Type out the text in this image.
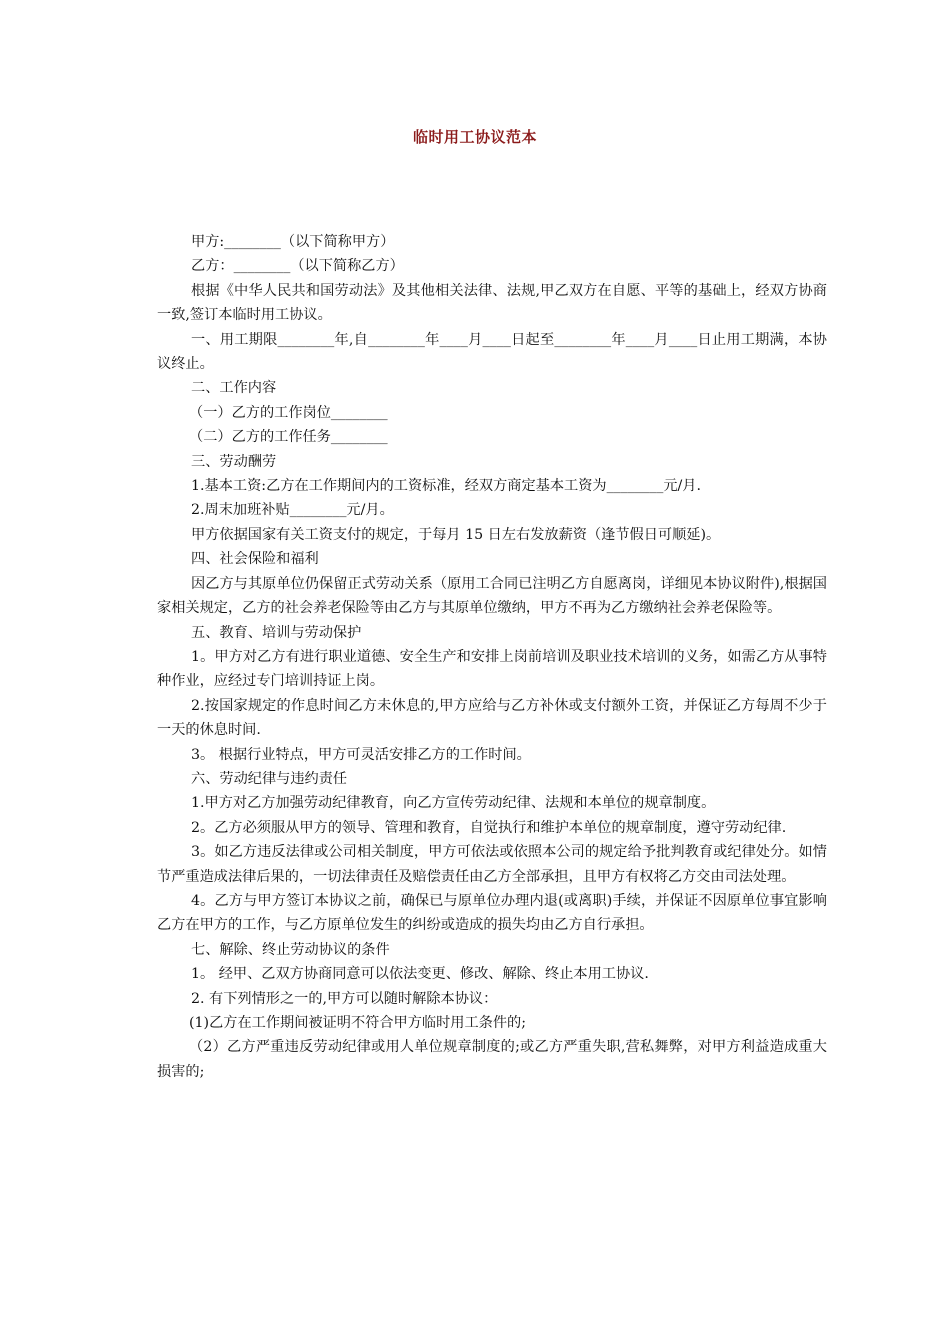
临时用工协议范本

甲方:________（以下简称甲方）

乙方：________（以下简称乙方）

根据《中华人民共和国劳动法》及其他相关法律、法规,甲乙双方在自愿、平等的基础上，经双方协商一致,签订本临时用工协议。

一、用工期限________年,自________年____月____日起至________年____月____日止用工期满，本协议终止。

二、工作内容

（一）乙方的工作岗位________

（二）乙方的工作任务________

三、劳动酬劳

1.基本工资:乙方在工作期间内的工资标准，经双方商定基本工资为________元/月.

2.周末加班补贴________元/月。

甲方依据国家有关工资支付的规定，于每月 15 日左右发放薪资（逢节假日可顺延)。

四、社会保险和福利

因乙方与其原单位仍保留正式劳动关系（原用工合同已注明乙方自愿离岗，详细见本协议附件),根据国家相关规定，乙方的社会养老保险等由乙方与其原单位缴纳，甲方不再为乙方缴纳社会养老保险等。

五、教育、培训与劳动保护

1。甲方对乙方有进行职业道德、安全生产和安排上岗前培训及职业技术培训的义务，如需乙方从事特种作业，应经过专门培训持证上岗。

2.按国家规定的作息时间乙方未休息的,甲方应给与乙方补休或支付额外工资，并保证乙方每周不少于一天的休息时间.

3。 根据行业特点，甲方可灵活安排乙方的工作时间。

六、劳动纪律与违约责任

1.甲方对乙方加强劳动纪律教育，向乙方宣传劳动纪律、法规和本单位的规章制度。

2。乙方必须服从甲方的领导、管理和教育，自觉执行和维护本单位的规章制度，遵守劳动纪律.

3。如乙方违反法律或公司相关制度，甲方可依法或依照本公司的规定给予批判教育或纪律处分。如情节严重造成法律后果的，一切法律责任及赔偿责任由乙方全部承担，且甲方有权将乙方交由司法处理。

4。乙方与甲方签订本协议之前，确保已与原单位办理内退(或离职)手续，并保证不因原单位事宜影响乙方在甲方的工作，与乙方原单位发生的纠纷或造成的损失均由乙方自行承担。

七、解除、终止劳动协议的条件

1。 经甲、乙双方协商同意可以依法变更、修改、解除、终止本用工协议.

2. 有下列情形之一的,甲方可以随时解除本协议：

(1)乙方在工作期间被证明不符合甲方临时用工条件的;

（2）乙方严重违反劳动纪律或用人单位规章制度的;或乙方严重失职,营私舞弊，对甲方利益造成重大损害的;
